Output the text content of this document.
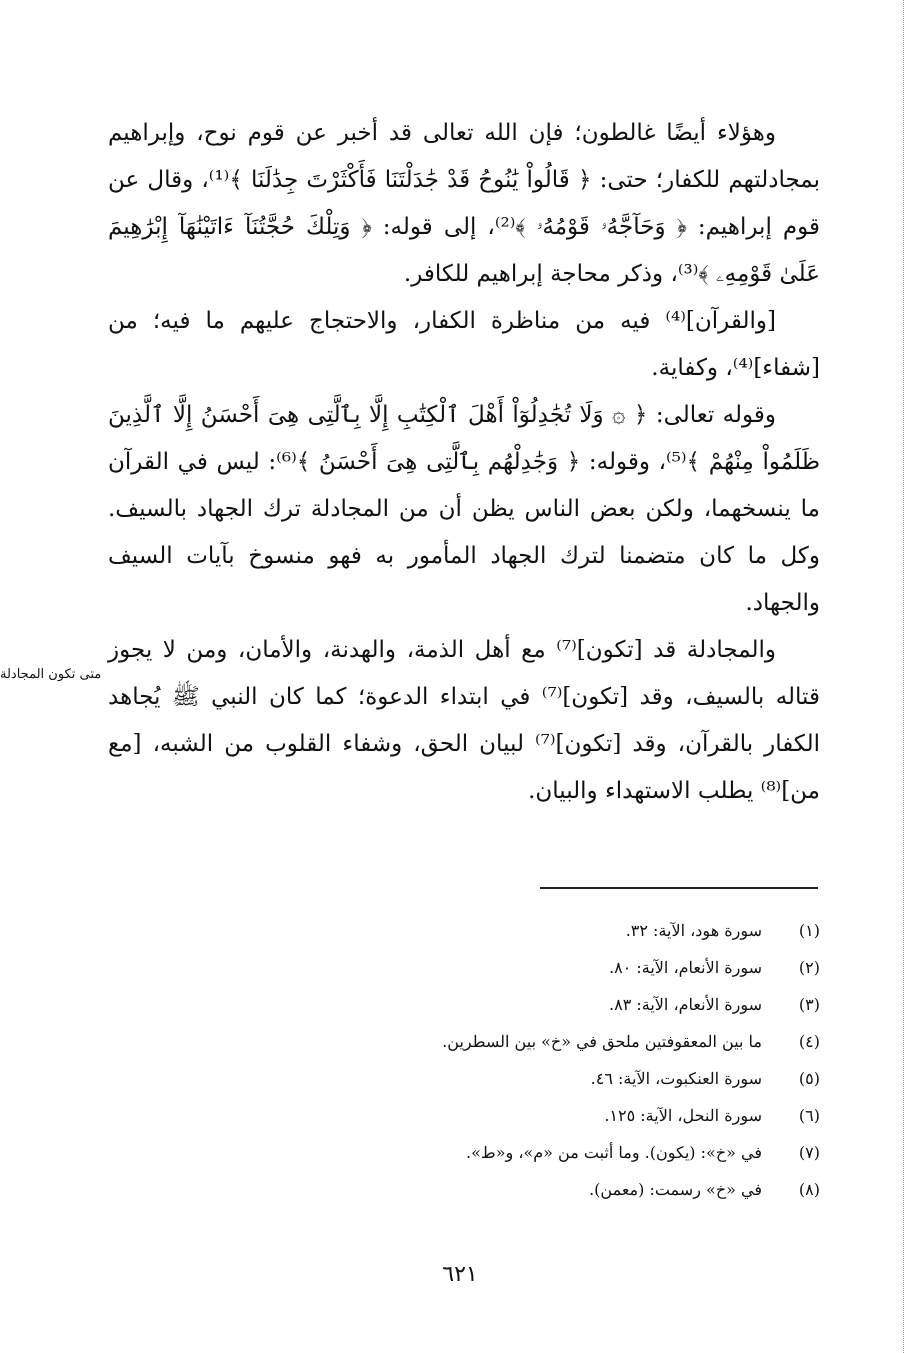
وهؤلاء أيضًا غالطون؛ فإن الله تعالى قد أخبر عن قوم نوح، وإبراهيم بمجادلتهم للكفار؛ حتى: ﴿ قَالُواْ يَٰنُوحُ قَدْ جَٰدَلْتَنَا فَأَكْثَرْتَ جِدَٰلَنَا ﴾⁽¹⁾، وقال عن قوم إبراهيم: ﴿ وَحَآجَّهُۥ قَوْمُهُۥ ﴾⁽²⁾، إلى قوله: ﴿ وَتِلْكَ حُجَّتُنَآ ءَاتَيْنَٰهَآ إِبْرَٰهِيمَ عَلَىٰ قَوْمِهِۦ ﴾⁽³⁾، وذكر محاجة إبراهيم للكافر.

[والقرآن]⁽⁴⁾ فيه من مناظرة الكفار، والاحتجاج عليهم ما فيه؛ من [شفاء]⁽⁴⁾، وكفاية.

وقوله تعالى: ﴿ ۞ وَلَا تُجَٰدِلُوٓاْ أَهْلَ ٱلْكِتَٰبِ إِلَّا بِٱلَّتِى هِىَ أَحْسَنُ إِلَّا ٱلَّذِينَ ظَلَمُواْ مِنْهُمْ ﴾⁽⁵⁾، وقوله: ﴿ وَجَٰدِلْهُم بِٱلَّتِى هِىَ أَحْسَنُ ﴾⁽⁶⁾: ليس في القرآن ما ينسخهما، ولكن بعض الناس يظن أن من المجادلة ترك الجهاد بالسيف. وكل ما كان متضمنا لترك الجهاد المأمور به فهو منسوخ بآيات السيف والجهاد.

والمجادلة قد [تكون]⁽⁷⁾ مع أهل الذمة، والهدنة، والأمان، ومن لا يجوز قتاله بالسيف، وقد [تكون]⁽⁷⁾ في ابتداء الدعوة؛ كما كان النبي ﷺ يُجاهد الكفار بالقرآن، وقد [تكون]⁽⁷⁾ لبيان الحق، وشفاء القلوب من الشبه، [مع من]⁽⁸⁾ يطلب الاستهداء والبيان.

متى تكون المجادلة
(١)
سورة هود، الآية: ٣٢.
(٢)
سورة الأنعام، الآية: ٨٠.
(٣)
سورة الأنعام، الآية: ٨٣.
(٤)
ما بين المعقوفتين ملحق في «خ» بين السطرين.
(٥)
سورة العنكبوت، الآية: ٤٦.
(٦)
سورة النحل، الآية: ١٢٥.
(٧)
في «خ»: (يكون). وما أثبت من «م»، و«ط».
(٨)
في «خ» رسمت: (معمن).
٦٢١
